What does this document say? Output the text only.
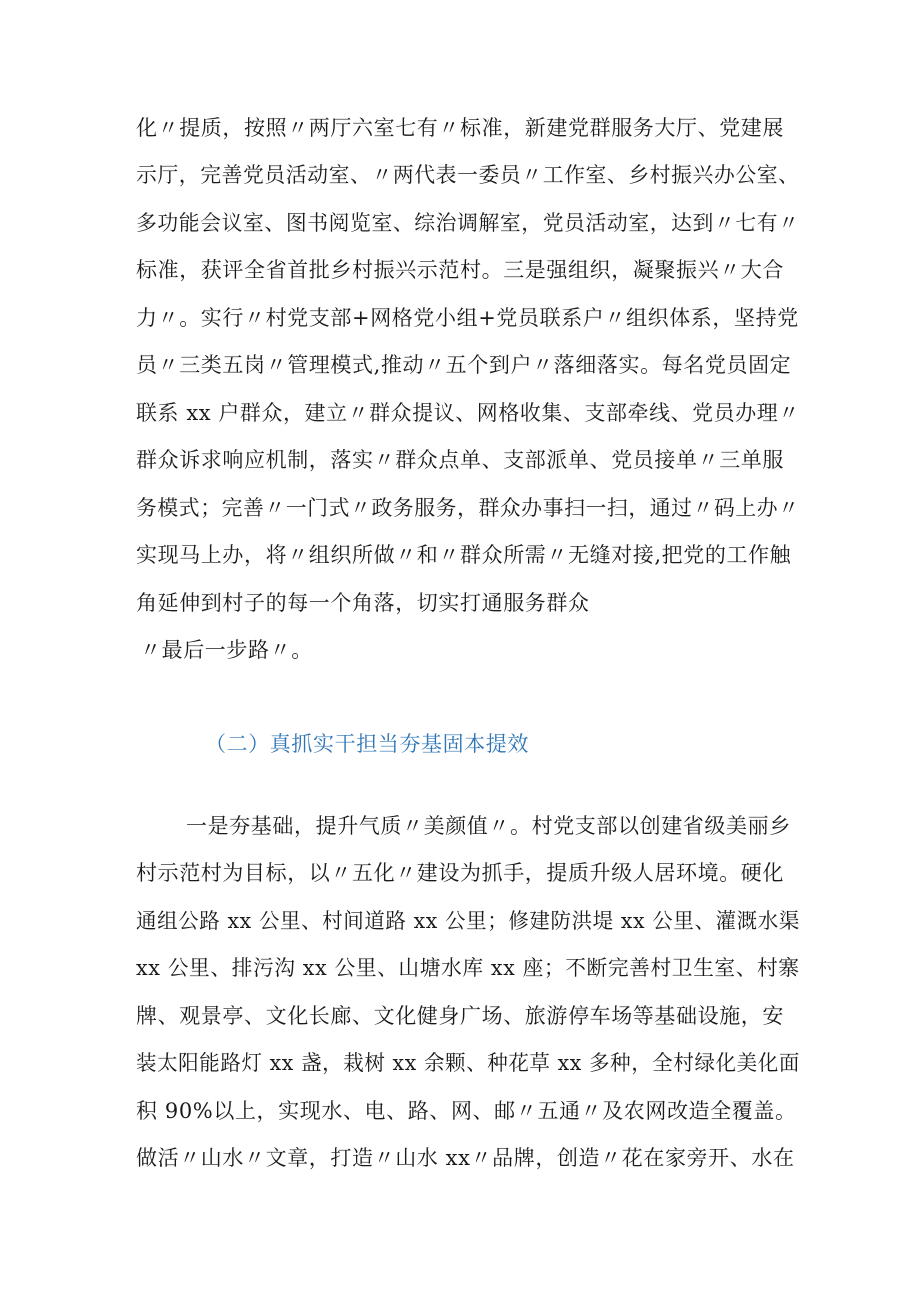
化〃提质，按照〃两厅六室七有〃标准，新建党群服务大厅、党建展
示厅，完善党员活动室、〃两代表一委员〃工作室、乡村振兴办公室、
多功能会议室、图书阅览室、综治调解室，党员活动室，达到〃七有〃
标准，获评全省首批乡村振兴示范村。三是强组织，凝聚振兴〃大合
力〃。实行〃村党支部+网格党小组+党员联系户〃组织体系，坚持党
员〃三类五岗〃管理模式,推动〃五个到户〃落细落实。每名党员固定
联系 xx 户群众，建立〃群众提议、网格收集、支部牵线、党员办理〃
群众诉求响应机制，落实〃群众点单、支部派单、党员接单〃三单服
务模式；完善〃一门式〃政务服务，群众办事扫一扫，通过〃码上办〃
实现马上办，将〃组织所做〃和〃群众所需〃无缝对接,把党的工作触
角延伸到村子的每一个角落，切实打通服务群众
〃最后一步路〃。
（二）真抓实干担当夯基固本提效
一是夯基础，提升气质〃美颜值〃。村党支部以创建省级美丽乡
村示范村为目标，以〃五化〃建设为抓手，提质升级人居环境。硬化
通组公路 xx 公里、村间道路 xx 公里；修建防洪堤 xx 公里、灌溉水渠
xx 公里、排污沟 xx 公里、山塘水库 xx 座；不断完善村卫生室、村寨
牌、观景亭、文化长廊、文化健身广场、旅游停车场等基础设施，安
装太阳能路灯 xx 盏，栽树 xx 余颗、种花草 xx 多种，全村绿化美化面
积 90%以上，实现水、电、路、网、邮〃五通〃及农网改造全覆盖。
做活〃山水〃文章，打造〃山水 xx〃品牌，创造〃花在家旁开、水在
